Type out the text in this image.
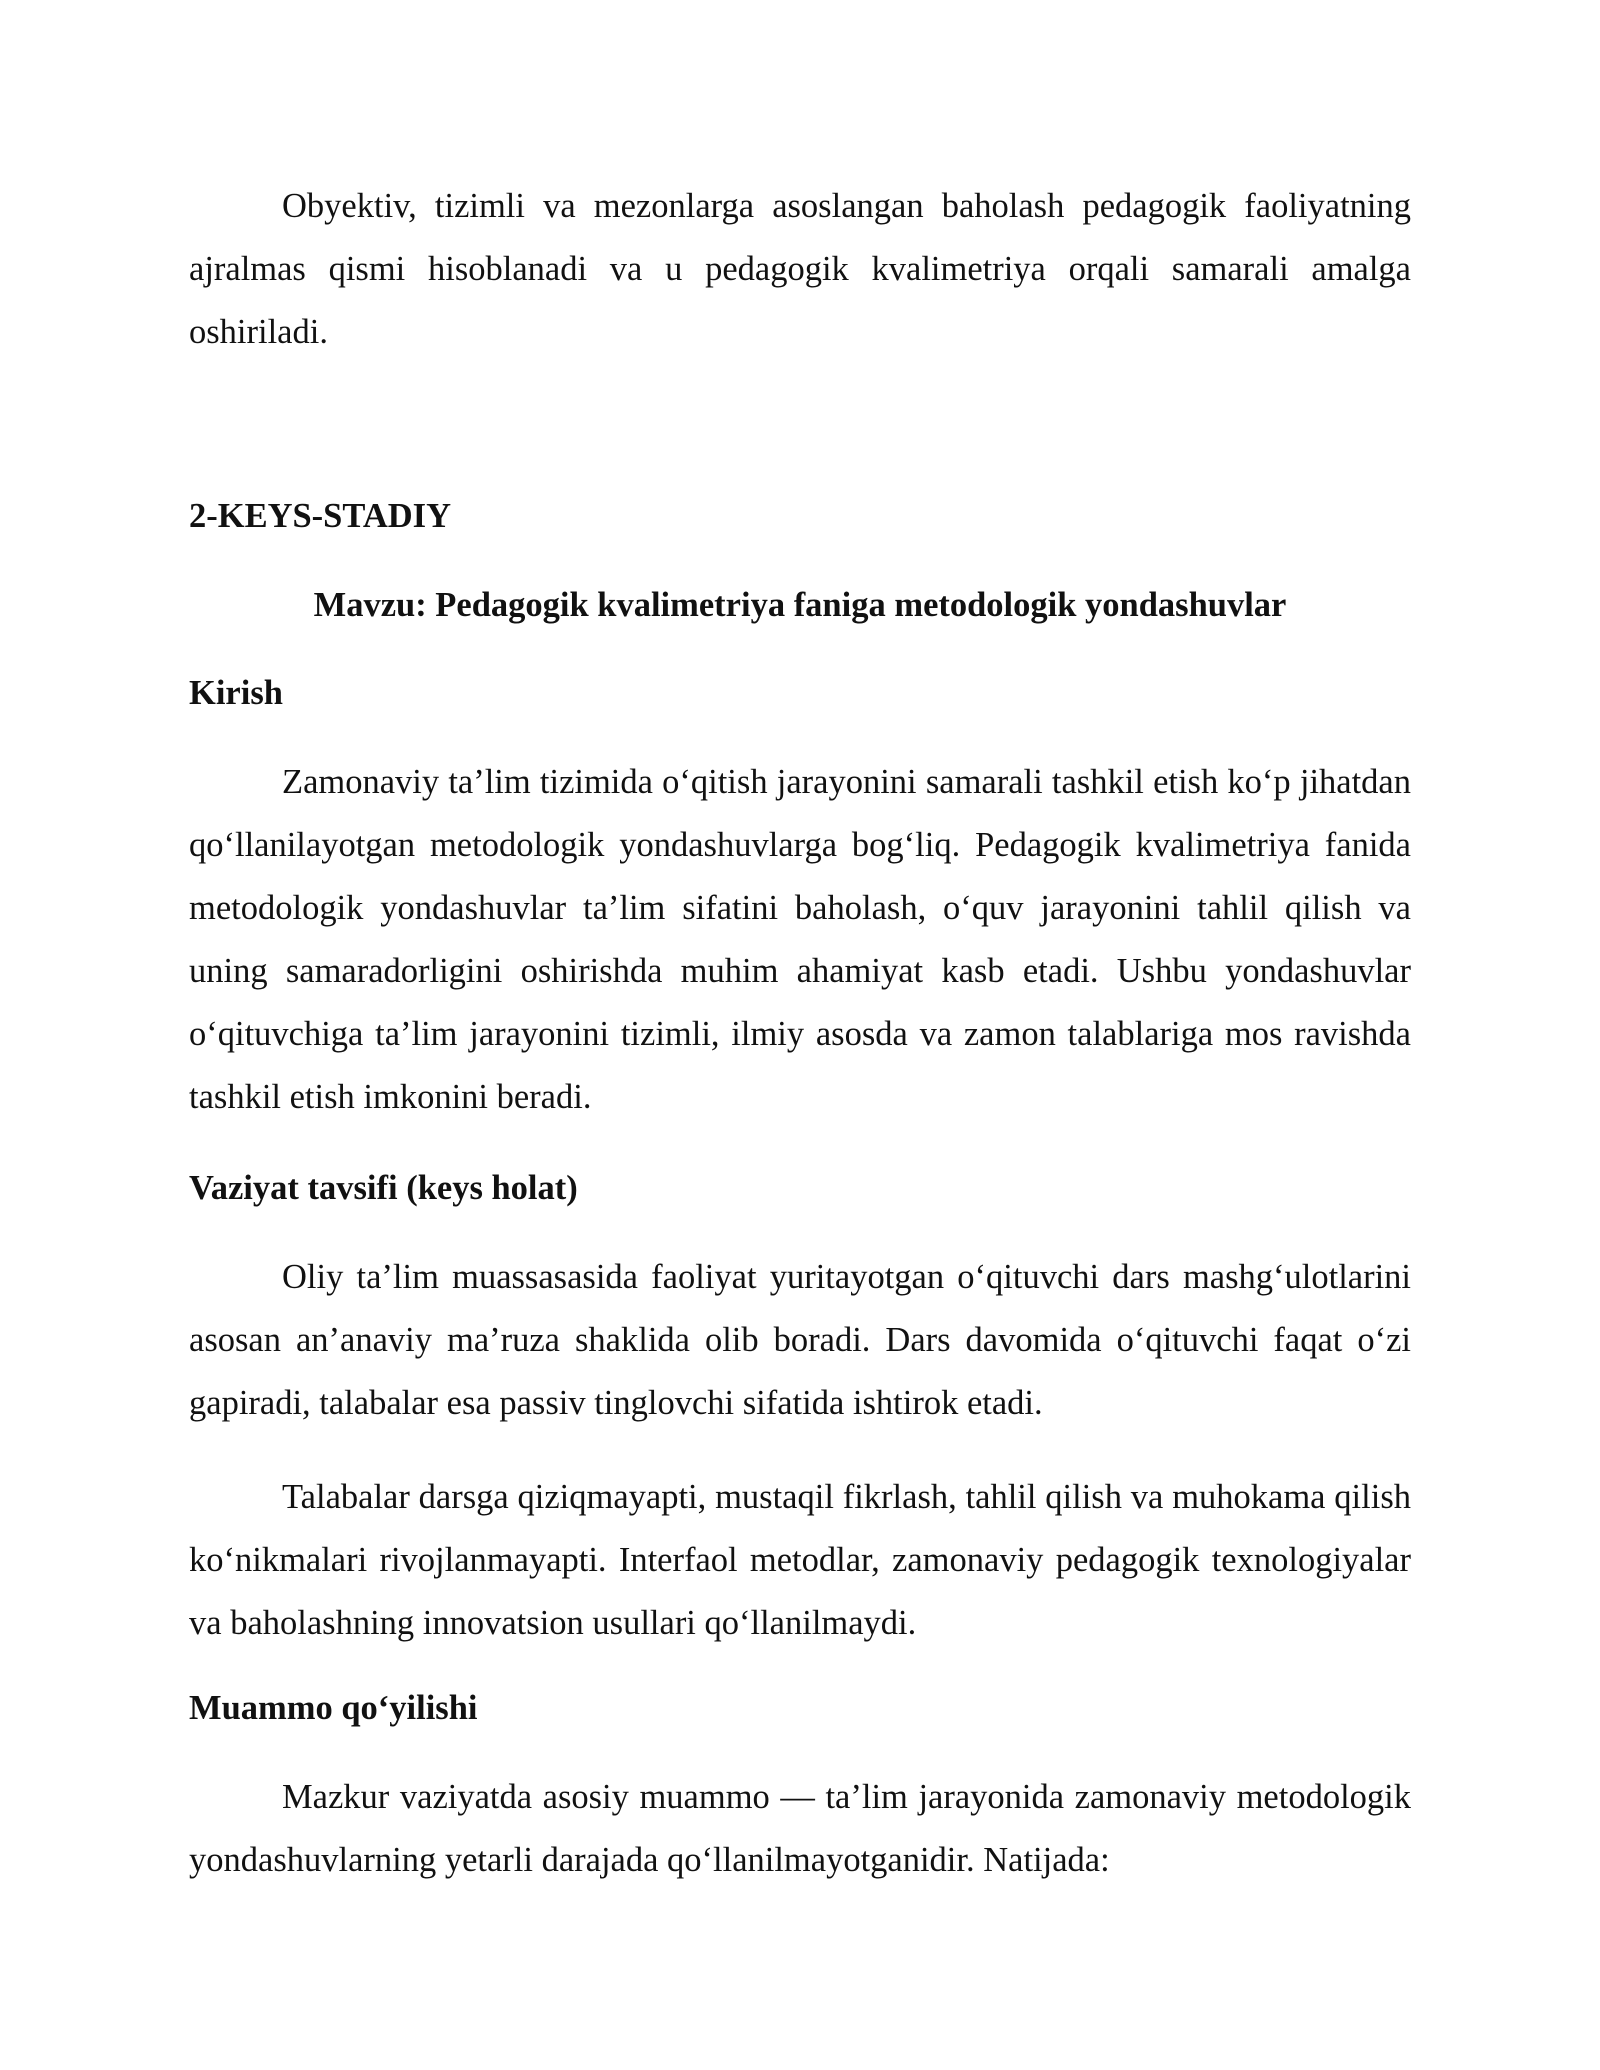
Obyektiv, tizimli va mezonlarga asoslangan baholash pedagogik faoliyatning ajralmas qismi hisoblanadi va u pedagogik kvalimetriya orqali samarali amalga oshiriladi.

2-KEYS-STADIY

Mavzu: Pedagogik kvalimetriya faniga metodologik yondashuvlar

Kirish

Zamonaviy ta’lim tizimida o‘qitish jarayonini samarali tashkil etish ko‘p jihatdan qo‘llanilayotgan metodologik yondashuvlarga bog‘liq. Pedagogik kvalimetriya fanida metodologik yondashuvlar ta’lim sifatini baholash, o‘quv jarayonini tahlil qilish va uning samaradorligini oshirishda muhim ahamiyat kasb etadi. Ushbu yondashuvlar o‘qituvchiga ta’lim jarayonini tizimli, ilmiy asosda va zamon talablariga mos ravishda tashkil etish imkonini beradi.

Vaziyat tavsifi (keys holat)

Oliy ta’lim muassasasida faoliyat yuritayotgan o‘qituvchi dars mashg‘ulotlarini asosan an’anaviy ma’ruza shaklida olib boradi. Dars davomida o‘qituvchi faqat o‘zi gapiradi, talabalar esa passiv tinglovchi sifatida ishtirok etadi.

Talabalar darsga qiziqmayapti, mustaqil fikrlash, tahlil qilish va muhokama qilish ko‘nikmalari rivojlanmayapti. Interfaol metodlar, zamonaviy pedagogik texnologiyalar va baholashning innovatsion usullari qo‘llanilmaydi.

Muammo qo‘yilishi

Mazkur vaziyatda asosiy muammo — ta’lim jarayonida zamonaviy metodologik yondashuvlarning yetarli darajada qo‘llanilmayotganidir. Natijada:
